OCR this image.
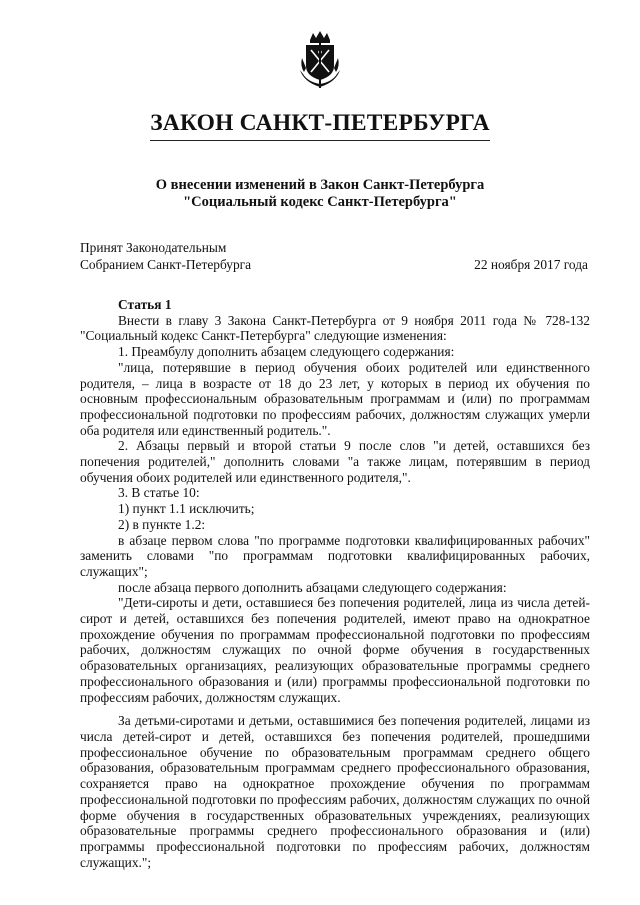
ЗАКОН САНКТ-ПЕТЕРБУРГА
О внесении изменений в Закон Санкт-Петербурга
"Социальный кодекс Санкт-Петербурга"
Принят Законодательным
Собранием Санкт-Петербурга	22 ноября 2017 года

Статья 1

Внести в главу 3 Закона Санкт-Петербурга от 9 ноября 2011 года № 728-132 "Социальный кодекс Санкт-Петербурга" следующие изменения:

1. Преамбулу дополнить абзацем следующего содержания:

"лица, потерявшие в период обучения обоих родителей или единственного родителя, – лица в возрасте от 18 до 23 лет, у которых в период их обучения по основным профессиональным образовательным программам и (или) по программам профессиональной подготовки по профессиям рабочих, должностям служащих умерли оба родителя или единственный родитель.".

2. Абзацы первый и второй статьи 9 после слов "и детей, оставшихся без попечения родителей," дополнить словами "а также лицам, потерявшим в период обучения обоих родителей или единственного родителя,".

3. В статье 10:

1) пункт 1.1 исключить;

2) в пункте 1.2:

в абзаце первом слова "по программе подготовки квалифицированных рабочих" заменить словами "по программам подготовки квалифицированных рабочих, служащих";

после абзаца первого дополнить абзацами следующего содержания:

"Дети-сироты и дети, оставшиеся без попечения родителей, лица из числа детей-сирот и детей, оставшихся без попечения родителей, имеют право на однократное прохождение обучения по программам профессиональной подготовки по профессиям рабочих, должностям служащих по очной форме обучения в государственных образовательных организациях, реализующих образовательные программы среднего профессионального образования и (или) программы профессиональной подготовки по профессиям рабочих, должностям служащих.

За детьми-сиротами и детьми, оставшимися без попечения родителей, лицами из числа детей-сирот и детей, оставшихся без попечения родителей, прошедшими профессиональное обучение по образовательным программам среднего общего образования, образовательным программам среднего профессионального образования, сохраняется право на однократное прохождение обучения по программам профессиональной подготовки по профессиям рабочих, должностям служащих по очной форме обучения в государственных образовательных учреждениях, реализующих образовательные программы среднего профессионального образования и (или) программы профессиональной подготовки по профессиям рабочих, должностям служащих.";
